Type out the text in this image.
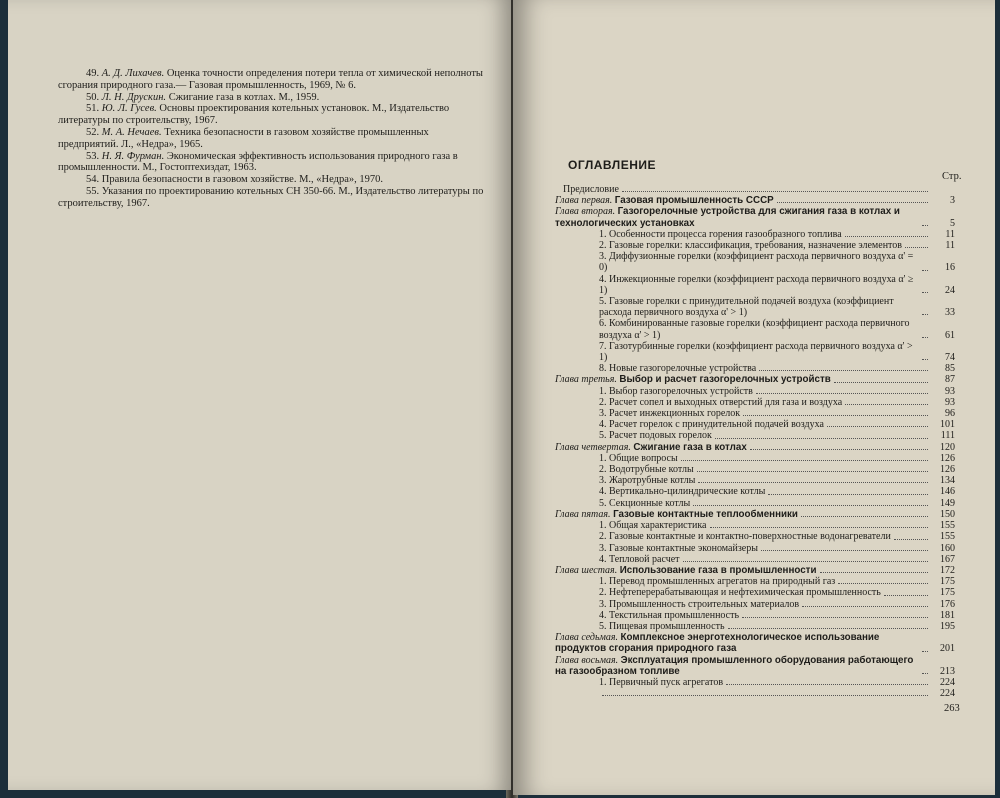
49. А. Д. Лихачев. Оценка точности определения потери тепла от химической неполноты сгорания природного газа.— Газовая промышленность, 1969, № 6.

50. Л. Н. Друскин. Сжигание газа в котлах. М., 1959.

51. Ю. Л. Гусев. Основы проектирования котельных установок. М., Издательство литературы по строительству, 1967.

52. М. А. Нечаев. Техника безопасности в газовом хозяйстве промышленных предприятий. Л., «Недра», 1965.

53. Н. Я. Фурман. Экономическая эффективность использования природного газа в промышленности. М., Гостоптехиздат, 1963.

54. Правила безопасности в газовом хозяйстве. М., «Недра», 1970.

55. Указания по проектированию котельных СН 350-66. М., Издательство литературы по строительству, 1967.

ОГЛАВЛЕНИЕ
Стр.
Предисловие
Глава первая. Газовая промышленность СССР	3
Глава вторая. Газогорелочные устройства для сжигания газа в котлах и технологических установках	5
1. Особенности процесса горения газообразного топлива	11
2. Газовые горелки: классификация, требования, назначение элементов	11
3. Диффузионные горелки (коэффициент расхода первичного воздуха α' = 0)	16
4. Инжекционные горелки (коэффициент расхода первичного воздуха α' ≥ 1)	24
5. Газовые горелки с принудительной подачей воздуха (коэффициент расхода первичного воздуха α' > 1)	33
6. Комбинированные газовые горелки (коэффициент расхода первичного воздуха α' > 1)	61
7. Газотурбинные горелки (коэффициент расхода первичного воздуха α' > 1)	74
8. Новые газогорелочные устройства	85
Глава третья. Выбор и расчет газогорелочных устройств	87
1. Выбор газогорелочных устройств	93
2. Расчет сопел и выходных отверстий для газа и воздуха	93
3. Расчет инжекционных горелок	96
4. Расчет горелок с принудительной подачей воздуха	101
5. Расчет подовых горелок	111
Глава четвертая. Сжигание газа в котлах	120
1. Общие вопросы	126
2. Водотрубные котлы	126
3. Жаротрубные котлы	134
4. Вертикально-цилиндрические котлы	146
5. Секционные котлы	149
Глава пятая. Газовые контактные теплообменники	150
1. Общая характеристика	155
2. Газовые контактные и контактно-поверхностные водонагреватели	155
3. Газовые контактные экономайзеры	160
4. Тепловой расчет	167
Глава шестая. Использование газа в промышленности	172
1. Перевод промышленных агрегатов на природный газ	175
2. Нефтеперерабатывающая и нефтехимическая промышленность	175
3. Промышленность строительных материалов	176
4. Текстильная промышленность	181
5. Пищевая промышленность	195
Глава седьмая. Комплексное энерготехнологическое использование продуктов сгорания природного газа	201
Глава восьмая. Эксплуатация промышленного оборудования работающего на газообразном топливе	213
1. Первичный пуск агрегатов	224
224
263
